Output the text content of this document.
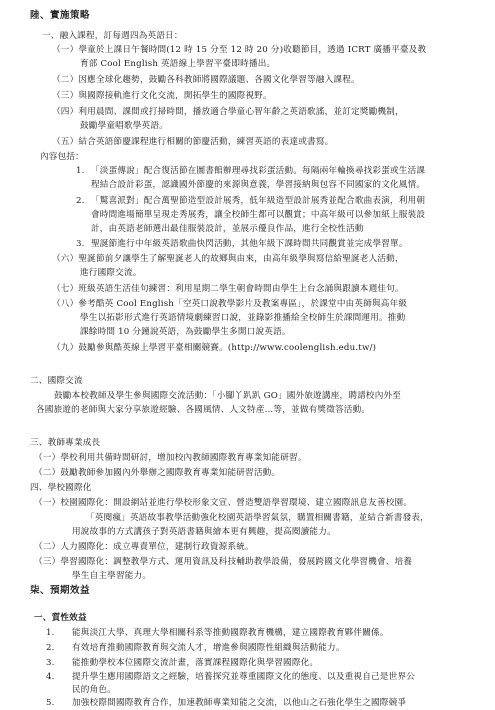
陸、實施策略
一、融入課程，訂每週四為英語日：
（一）學童於上課日午餐時間(12 時 15 分至 12 時 20 分)收聽節目，透過 ICRT 廣播平臺及教
育部 Cool English 英語線上學習平臺即時播出。
（二）因應全球化趨勢，鼓勵各科教師將國際議題、各國文化學習等融入課程。
（三）與國際接軌進行文化交流，開拓學生的國際視野。
（四）利用晨間、課間或打掃時間，播放適合學童心智年齡之英語歌謠，並訂定獎勵機制，
鼓勵學童唱歌學英語。
（五）結合英語節慶課程進行相關的節慶活動，練習英語的表達或書寫。
內容包括：
1. 「淡蛋傳說」配合復活節在圖書館辦理尋找彩蛋活動。每隔兩年輪換尋找彩蛋或生活課
程結合設計彩蛋，認識國外節慶的來源與意義，學習接納與包容不同國家的文化風情。
2. 「驚喜派對」配合萬聖節造型設計展秀，低年級造型設計展秀並配合歌曲表演，利用朝
會時間進場簡單呈現走秀展秀，讓全校師生都可以觀賞；中高年級可以參加紙上服裝設
計，由英語老師選出最佳服裝設計，並展示優良作品，進行全校性活動
3. 聖誕節進行中年級英語歌曲快閃活動，其他年級下課時間共同觀賞並完成學習單。
（六）聖誕節前夕讓學生了解聖誕老人的故鄉與由來，由高年級學與寫信給聖誕老人活動，
進行國際交流。
（七）班級英語生活佳句練習：利用星期二學生朝會時間由學生上台念誦與跟讀本週佳句。
（八）參考酷英 Cool English「空英口說教學影片及教案專區」，於課堂中由英師與高年級
學生以拓影形式進行英語情境劇練習口說，並錄影推播給全校師生於課間運用。推動
課餘時間 10 分鐘說英語，為鼓勵學生多開口說英語。
（九）鼓勵參與酷英線上學習平臺相關競賽。(http://www.coolenglish.edu.tw/)
二、國際交流
鼓勵本校教師及學生參與國際交流活動：「小腳丫趴趴 GO」國外旅遊講座，聘請校內外至
各國旅遊的老師與大家分享旅遊經驗、各國風情、人文特產…等，並做有獎徵答活動。
三、教師專業成長
（一）學校利用共備時間研討，增加校內教師國際教育專業知能研習。
（二）鼓勵教師參加國內外舉辦之國際教育專業知能研習活動。
四、學校國際化
（一）校園國際化：開設網站並進行學校形象文宣、營造雙語學習環境、建立國際訊息友善校園。
「英閱瘋」英語故事教學活動強化校園英語學習氣氛，購置相關書籍，並結合新書發表，
用說故事的方式講孩子對英語書籍與繪本更有興趣，提高閱讀能力。
（二）人力國際化：成立專責單位，建制行政資源系統。
（三）學習國際化：調整教學方式、運用資訊及科技輔助教學設備，發展跨國文化學習機會、培養
學生自主學習能力。
柒、預期效益
一、質性效益
1. 能與淡江大學、真理大學相關科系等推動國際教育機構，建立國際教育夥伴關係。
2. 有效培育推動國際教育與交流人才，增進參與國際性組織與活動能力。
3. 能推動學校本位國際交流計畫，落實課程國際化與學習國際化。
4. 提升學生應用國際語文之經驗，培養探究並尊重國際文化的態度、以及重視自己是世界公
民的角色。
5. 加強校際間國際教育合作，加速教師專業知能之交流，以他山之石強化學生之國際競爭
